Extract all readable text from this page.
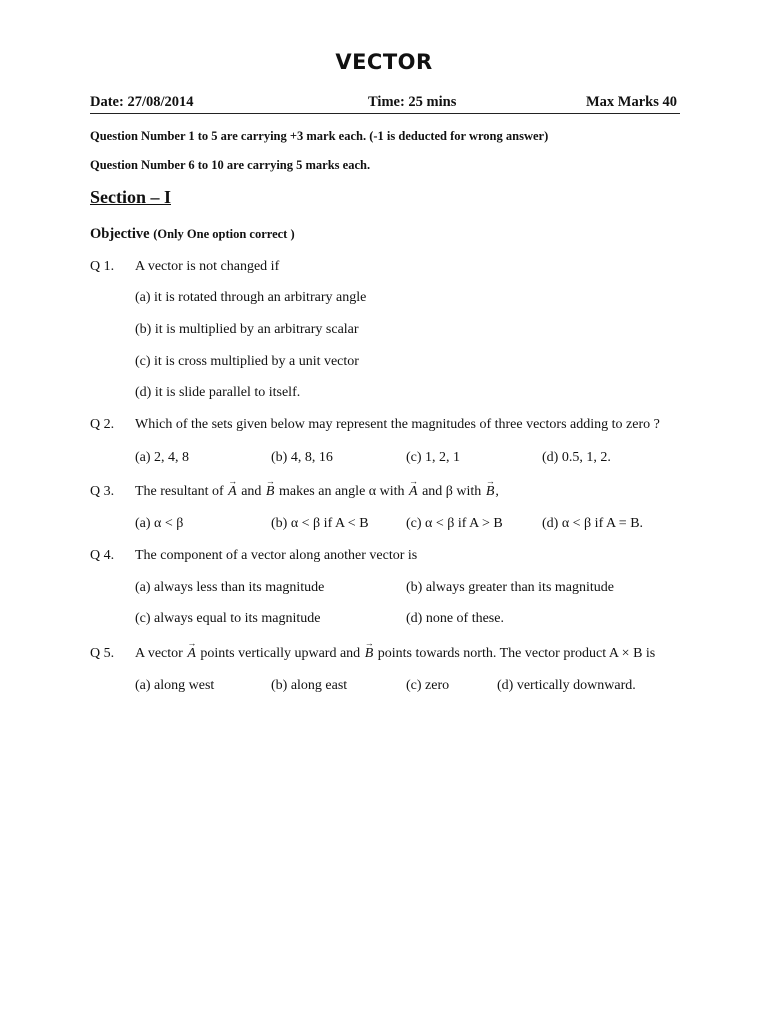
VECTOR
Date: 27/08/2014	Time: 25 mins	Max Marks 40
Question Number 1 to 5 are carrying +3 mark each. (-1 is deducted for wrong answer)
Question Number 6 to 10 are carrying 5 marks each.
Section – I
Objective (Only One option correct )
Q 1. A vector is not changed if
(a) it is rotated through an arbitrary angle
(b) it is multiplied by an arbitrary scalar
(c) it is cross multiplied by a unit vector
(d) it is slide parallel to itself.
Q 2. Which of the sets given below may represent the magnitudes of three vectors adding to zero ?
(a) 2, 4, 8	(b) 4, 8, 16	(c) 1, 2, 1	(d) 0.5, 1, 2.
Q 3. The resultant of → A and → B makes an angle α with → A and β with → B,
(a) α < β	(b) α < β if A < B	(c) α < β if A > B	(d) α < β if A = B.
Q 4. The component of a vector along another vector is
(a) always less than its magnitude	(b) always greater than its magnitude
(c) always equal to its magnitude	(d) none of these.
Q 5. A vector → A points vertically upward and → B points towards north. The vector product A × B is
(a) along west	(b) along east	(c) zero	(d) vertically downward.
